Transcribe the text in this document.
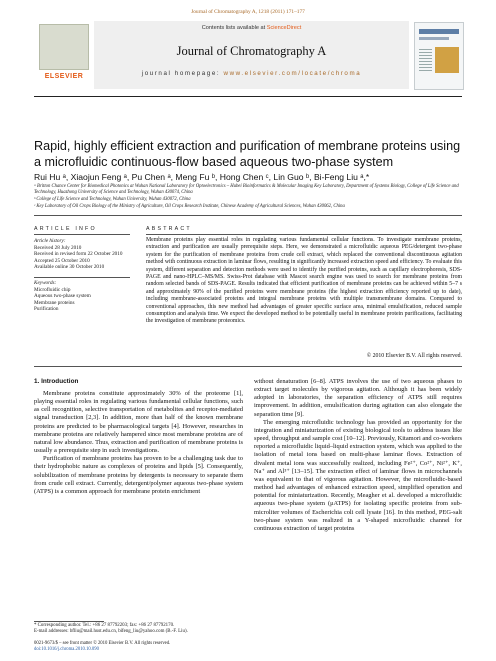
Journal of Chromatography A, 1218 (2011) 171–177
ELSEVIER
Contents lists available at ScienceDirect
Journal of Chromatography A
journal homepage: www.elsevier.com/locate/chroma
Rapid, highly efficient extraction and purification of membrane proteins using a microfluidic continuous-flow based aqueous two-phase system
Rui Hu ᵃ, Xiaojun Feng ᵃ, Pu Chen ᵃ, Meng Fu ᵇ, Hong Chen ᶜ, Lin Guo ᵇ, Bi-Feng Liu ᵃ,*
ᵃ Britton Chance Center for Biomedical Photonics at Wuhan National Laboratory for Optoelectronics – Hubei Bioinformatics & Molecular Imaging Key Laboratory, Department of Systems Biology, College of Life Science and Technology, Huazhong University of Science and Technology, Wuhan 430074, China
ᵇ College of Life Science and Technology, Wuhan University, Wuhan 430072, China
ᶜ Key Laboratory of Oil Crops Biology of the Ministry of Agriculture, Oil Crops Research Institute, Chinese Academy of Agricultural Sciences, Wuhan 430062, China
ARTICLE INFO
Article history:
Received 28 July 2010
Received in revised form 22 October 2010
Accepted 25 October 2010
Available online 30 October 2010
Keywords:
Microfluidic chip
Aqueous two-phase system
Membrane proteins
Purification
ABSTRACT
Membrane proteins play essential roles in regulating various fundamental cellular functions. To investigate membrane proteins, extraction and purification are usually prerequisite steps. Here, we demonstrated a microfluidic aqueous PEG/detergent two-phase system for the purification of membrane proteins from crude cell extract, which replaced the conventional discontinuous agitation method with continuous extraction in laminar flows, resulting in significantly increased extraction speed and efficiency. To evaluate this system, different separation and detection methods were used to identify the purified proteins, such as capillary electrophoresis, SDS-PAGE and nano-HPLC–MS/MS. Swiss-Prot database with Mascot search engine was used to search for membrane proteins from random selected bands of SDS-PAGE. Results indicated that efficient purification of membrane proteins can be achieved within 5–7 s and approximately 90% of the purified proteins were membrane proteins (the highest extraction efficiency reported up to date), including membrane-associated proteins and integral membrane proteins with multiple transmembrane domains. Compared to conventional approaches, this new method had advantages of greater specific surface area, minimal emulsification, reduced sample consumption and analysis time. We expect the developed method to be potentially useful in membrane protein purifications, facilitating the investigation of membrane proteomics.
© 2010 Elsevier B.V. All rights reserved.
1. Introduction

Membrane proteins constitute approximately 30% of the proteome [1], playing essential roles in regulating various fundamental cellular functions, such as cell recognition, selective transportation of metabolites and receptor-mediated signal transduction [2,3]. In addition, more than half of the known membrane proteins are predicted to be pharmacological targets [4]. However, researches in membrane proteins are relatively hampered since most membrane proteins are of natural low abundance. Thus, extraction and purification of membrane proteins is usually a prerequisite step in such investigations.

Purification of membrane proteins has proven to be a challenging task due to their hydrophobic nature as complexes of proteins and lipids [5]. Consequently, solubilization of membrane proteins by detergents is necessary to separate them from crude cell extract. Currently, detergent/polymer aqueous two-phase system (ATPS) is a common approach for membrane protein enrichment

without denaturation [6–8]. ATPS involves the use of two aqueous phases to extract target molecules by vigorous agitation. Although it has been widely adopted in laboratories, the separation efficiency of ATPS still requires improvement. In addition, emulsification during agitation can also elongate the separation time [9].

The emerging microfluidic technology has provided an opportunity for the integration and miniaturization of existing biological tools to address issues like speed, throughput and sample cost [10–12]. Previously, Kitamori and co-workers reported a microfluidic liquid–liquid extraction system, which was applied to the isolation of metal ions based on multi-phase laminar flows. Extraction of divalent metal ions was successfully realized, including Fe²⁺, Co²⁺, Ni²⁺, K⁺, Na⁺ and Al³⁺ [13–15]. The extraction effect of laminar flows in microchannels was equivalent to that of vigorous agitation. However, the microfluidic-based method had advantages of enhanced extraction speed, simplified operation and potential for miniaturization. Recently, Meagher et al. developed a microfluidic aqueous two-phase system (μATPS) for isolating specific proteins from sub-microliter volumes of Escherichia coli cell lysate [16]. In this method, PEG-salt two-phase system was realized in a Y-shaped microfluidic channel for continuous extraction of target proteins

* Corresponding author. Tel.: +86 27 87792203; fax: +86 27 87792170.
E-mail addresses: bfliu@mail.hust.edu.cn, bifeng_liu@yahoo.com (B.-F. Liu).
0021-9673/$ – see front matter © 2010 Elsevier B.V. All rights reserved.
doi:10.1016/j.chroma.2010.10.090
